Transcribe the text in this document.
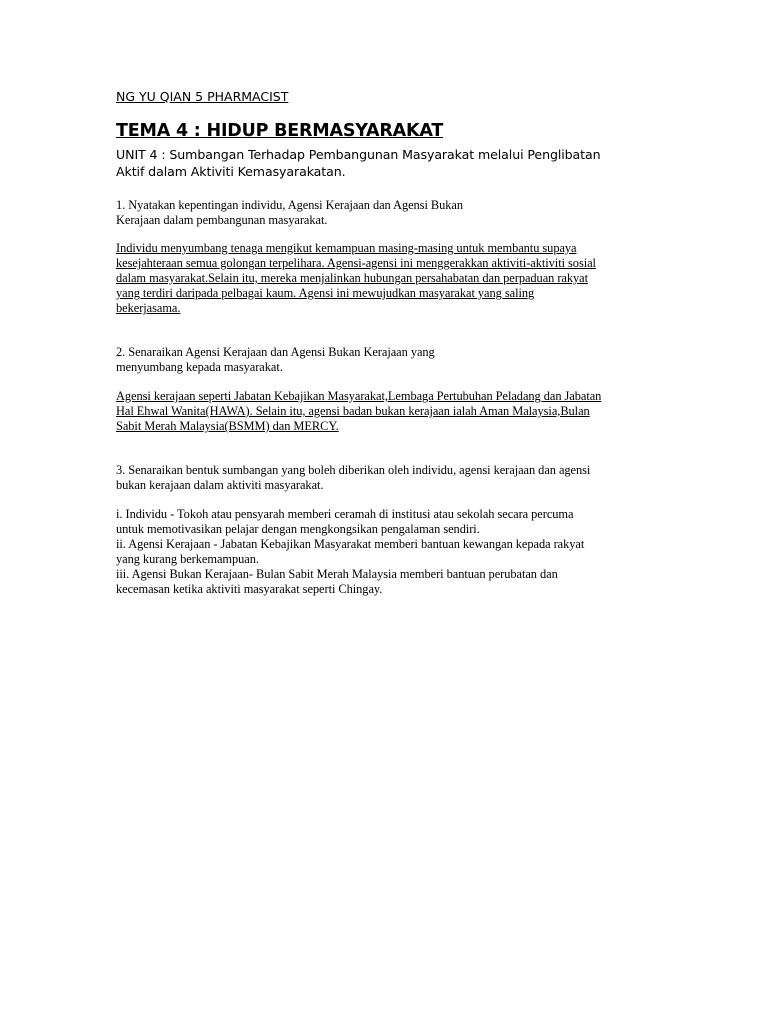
NG YU QIAN 5 PHARMACIST
TEMA 4 : HIDUP BERMASYARAKAT
UNIT 4 : Sumbangan Terhadap Pembangunan Masyarakat melalui Penglibatan
Aktif dalam Aktiviti Kemasyarakatan.
1. Nyatakan kepentingan individu, Agensi Kerajaan dan Agensi Bukan
Kerajaan dalam pembangunan masyarakat.
Individu menyumbang tenaga mengikut kemampuan masing-masing untuk membantu supaya
kesejahteraan semua golongan terpelihara. Agensi-agensi ini menggerakkan aktiviti-aktiviti sosial
dalam masyarakat.Selain itu, mereka menjalinkan hubungan persahabatan dan perpaduan rakyat
yang terdiri daripada pelbagai kaum. Agensi ini mewujudkan masyarakat yang saling
bekerjasama.
2. Senaraikan Agensi Kerajaan dan Agensi Bukan Kerajaan yang
menyumbang kepada masyarakat.
Agensi kerajaan seperti Jabatan Kebajikan Masyarakat,Lembaga Pertubuhan Peladang dan Jabatan
Hal Ehwal Wanita(HAWA). Selain itu, agensi badan bukan kerajaan ialah Aman Malaysia,Bulan
Sabit Merah Malaysia(BSMM) dan MERCY.
3. Senaraikan bentuk sumbangan yang boleh diberikan oleh individu, agensi kerajaan dan agensi
bukan kerajaan dalam aktiviti masyarakat.
i. Individu - Tokoh atau pensyarah memberi ceramah di institusi atau sekolah secara percuma
untuk memotivasikan pelajar dengan mengkongsikan pengalaman sendiri.
ii. Agensi Kerajaan - Jabatan Kebajikan Masyarakat memberi bantuan kewangan kepada rakyat
yang kurang berkemampuan.
iii. Agensi Bukan Kerajaan- Bulan Sabit Merah Malaysia memberi bantuan perubatan dan
kecemasan ketika aktiviti masyarakat seperti Chingay.
